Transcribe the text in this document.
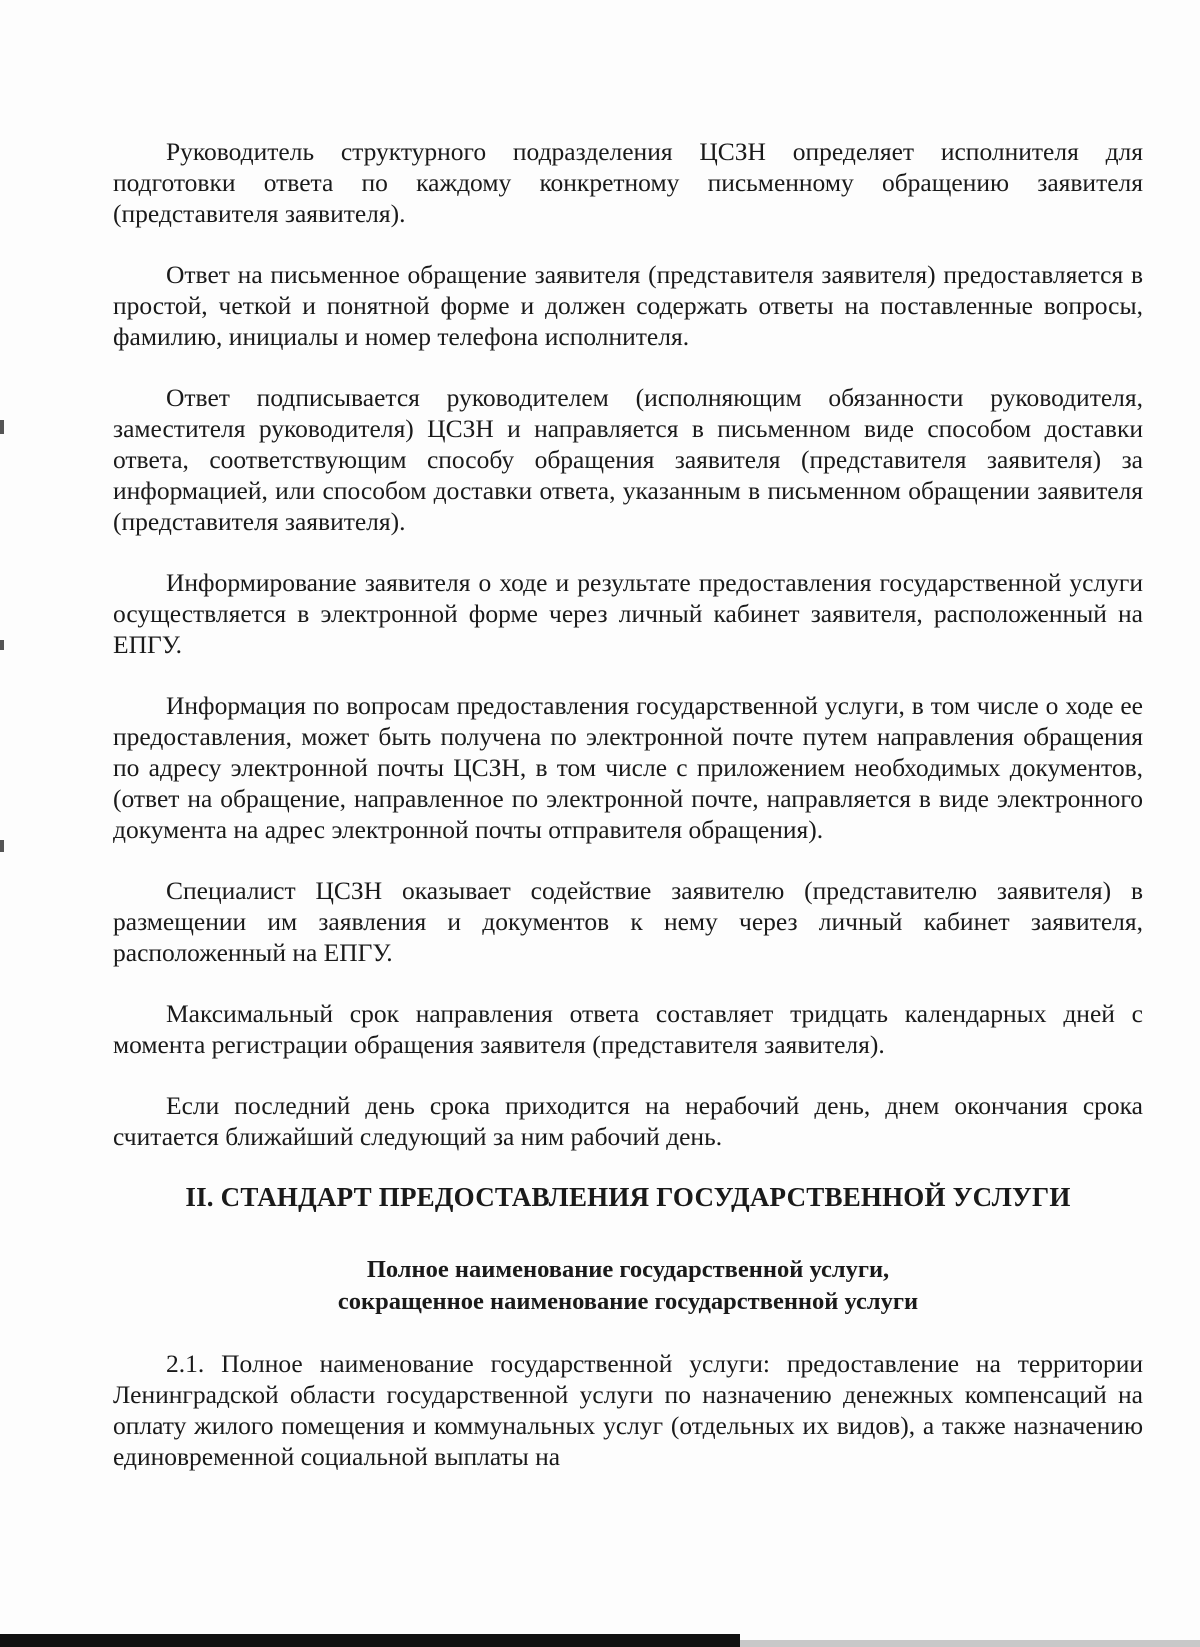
Руководитель структурного подразделения ЦСЗН определяет исполнителя для подготовки ответа по каждому конкретному письменному обращению заявителя (представителя заявителя).

Ответ на письменное обращение заявителя (представителя заявителя) предоставляется в простой, четкой и понятной форме и должен содержать ответы на поставленные вопросы, фамилию, инициалы и номер телефона исполнителя.

Ответ подписывается руководителем (исполняющим обязанности руководителя, заместителя руководителя) ЦСЗН и направляется в письменном виде способом доставки ответа, соответствующим способу обращения заявителя (представителя заявителя) за информацией, или способом доставки ответа, указанным в письменном обращении заявителя (представителя заявителя).

Информирование заявителя о ходе и результате предоставления государственной услуги осуществляется в электронной форме через личный кабинет заявителя, расположенный на ЕПГУ.

Информация по вопросам предоставления государственной услуги, в том числе о ходе ее предоставления, может быть получена по электронной почте путем направления обращения по адресу электронной почты ЦСЗН, в том числе с приложением необходимых документов, (ответ на обращение, направленное по электронной почте, направляется в виде электронного документа на адрес электронной почты отправителя обращения).

Специалист ЦСЗН оказывает содействие заявителю (представителю заявителя) в размещении им заявления и документов к нему через личный кабинет заявителя, расположенный на ЕПГУ.

Максимальный срок направления ответа составляет тридцать календарных дней с момента регистрации обращения заявителя (представителя заявителя).

Если последний день срока приходится на нерабочий день, днем окончания срока считается ближайший следующий за ним рабочий день.

II. СТАНДАРТ ПРЕДОСТАВЛЕНИЯ ГОСУДАРСТВЕННОЙ УСЛУГИ
Полное наименование государственной услуги,
сокращенное наименование государственной услуги

2.1. Полное наименование государственной услуги: предоставление на территории Ленинградской области государственной услуги по назначению денежных компенсаций на оплату жилого помещения и коммунальных услуг (отдельных их видов), а также назначению единовременной социальной выплаты на
